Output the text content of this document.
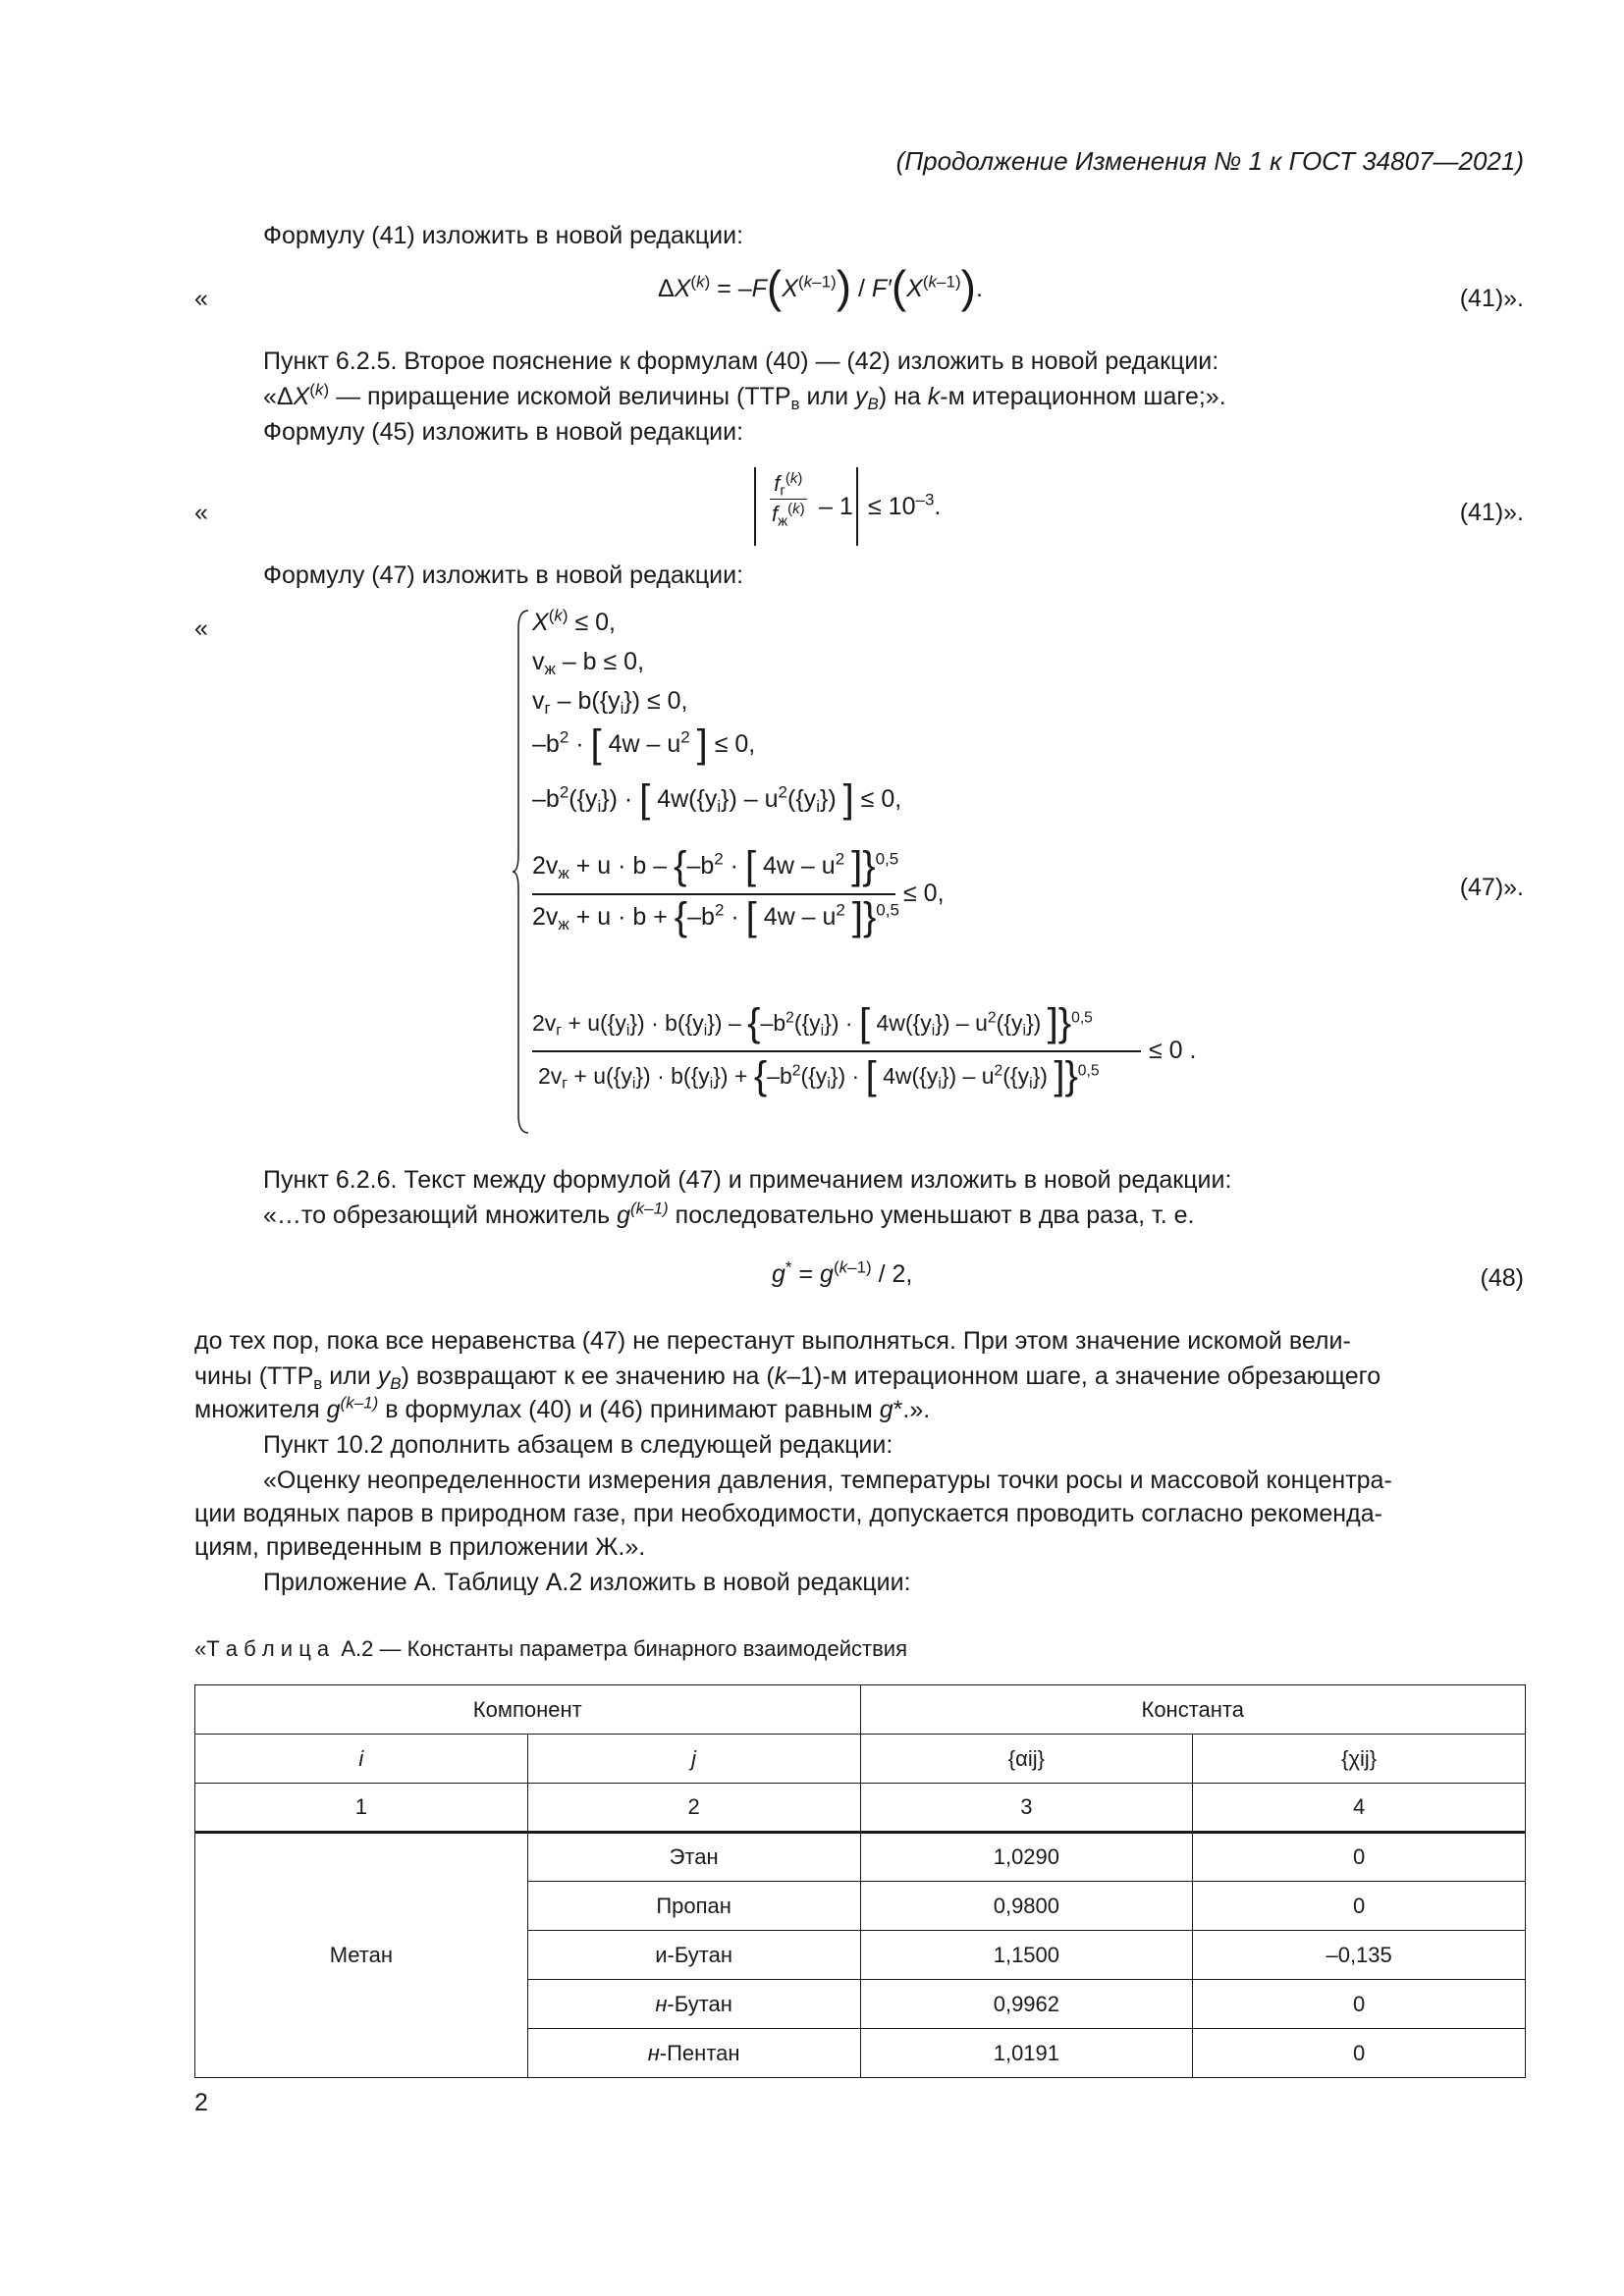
(Продолжение Изменения № 1 к ГОСТ 34807—2021)
Формулу (41) изложить в новой редакции:
«	$\Delta X^{(k)} = -F(X^{(k-1)}) / F'(X^{(k-1)})$.	(41)».
Пункт 6.2.5. Второе пояснение к формулам (40) — (42) изложить в новой редакции:
«ΔX$^{(k)}$ — приращение искомой величины ($ТТР_в$ или $y_B$) на k-м итерационном шаге;».
Формулу (45) изложить в новой редакции:
«
$f_г^{(k)}$
$f_ж^{(k)} - 1 \le 10^{-3}$.	(41)».
Формулу (47) изложить в новой редакции:
«	$X^{(k)} \le 0$,
$v_ж - b \le 0$,
$v_г - b(\{y_i\}) \le 0$,
$-b^2$ · [ $4w - u^2$ ] ≤ 0,
$-b^2(\{y_i\})$ · [ $4w(\{y_i\}) - u^2(\{y_i\})$ ] ≤ 0,
$2v_ж + u \cdot b - \{-b^2$ · [ $4w - u^2$ ]}$^{0,5}$
≤ 0,
$2v_ж + u \cdot b + \{-b^2$ · [ $4w - u^2$ ]}$^{0,5}$
$2v_г + u(\{y_i\}) \cdot b(\{y_i\}) - \{-b^2(\{y_i\})$ · [ $4w(\{y_i\}) - u^2(\{y_i\})$ ]}$^{0,5}$
≤ 0 .
$2v_г + u(\{y_i\}) \cdot b(\{y_i\}) + \{-b^2(\{y_i\})$ · [ $4w(\{y_i\}) - u^2(\{y_i\})$ ]}$^{0,5}$
(47)».
Пункт 6.2.6. Текст между формулой (47) и примечанием изложить в новой редакции:
«…то обрезающий множитель $g^{(k-1)}$ последовательно уменьшают в два раза, т. е.
$g^* = g^{(k-1)} / 2$,	(48)
до тех пор, пока все неравенства (47) не перестанут выполняться. При этом значение искомой вели-
чины ($ТТР_в$ или $y_B$) возвращают к ее значению на (k–1)-м итерационном шаге, а значение обрезающего
множителя $g^{(k-1)}$ в формулах (40) и (46) принимают равным g*.».
Пункт 10.2 дополнить абзацем в следующей редакции:
«Оценку неопределенности измерения давления, температуры точки росы и массовой концентра-
ции водяных паров в природном газе, при необходимости, допускается проводить согласно рекоменда-
циям, приведенным в приложении Ж.».
Приложение А. Таблицу А.2 изложить в новой редакции:
«Т а б л и ц а А.2 — Константы параметра бинарного взаимодействия
Компонент		Константа	
i	j	{αij}	{χij}
1	2	3	4
Метан	Этан	1,0290	0
	Пропан	0,9800	0
	и-Бутан	1,1500	–0,135
	н-Бутан	0,9962	0
	н-Пентан	1,0191	0
2
